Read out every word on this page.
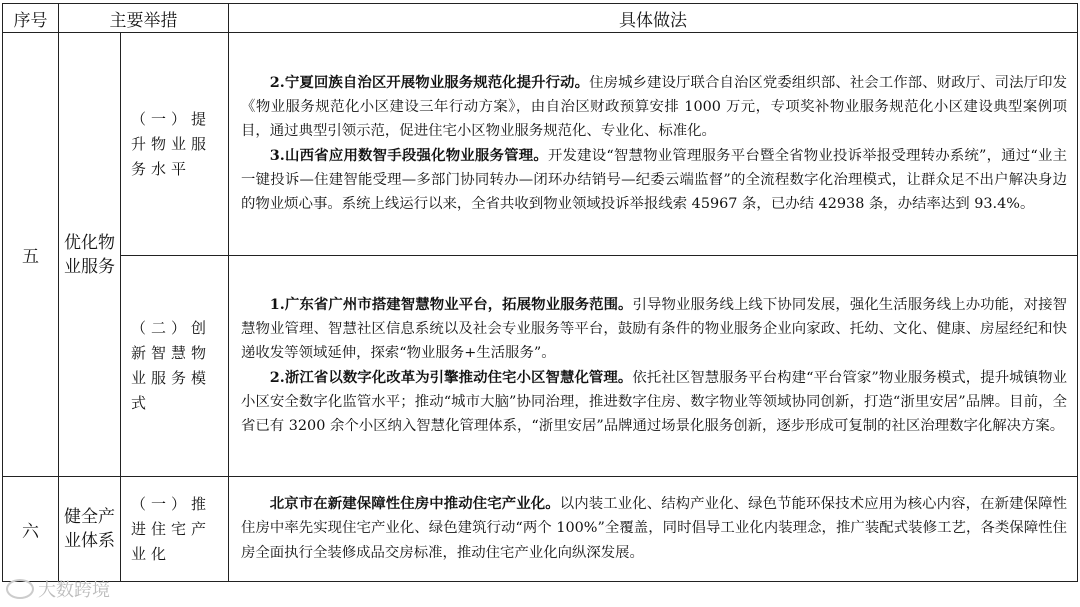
序号	主要举措		具体做法
五	优化物业服务	（一）提升物业服务水平	2.宁夏回族自治区开展物业服务规范化提升行动。住房城乡建设厅联合自治区党委组织部、社会工作部、财政厅、司法厅印发《物业服务规范化小区建设三年行动方案》，由自治区财政预算安排 1000 万元，专项奖补物业服务规范化小区建设典型案例项目，通过典型引领示范，促进住宅小区物业服务规范化、专业化、标准化。

3.山西省应用数智手段强化物业服务管理。开发建设“智慧物业管理服务平台暨全省物业投诉举报受理转办系统”，通过“业主一键投诉—住建智能受理—多部门协同转办—闭环办结销号—纪委云端监督”的全流程数字化治理模式，让群众足不出户解决身边的物业烦心事。系统上线运行以来，全省共收到物业领域投诉举报线索 45967 条，已办结 42938 条，办结率达到 93.4%。

		（二）创新智慧物业服务模式	1.广东省广州市搭建智慧物业平台，拓展物业服务范围。引导物业服务线上线下协同发展，强化生活服务线上办功能，对接智慧物业管理、智慧社区信息系统以及社会专业服务等平台，鼓励有条件的物业服务企业向家政、托幼、文化、健康、房屋经纪和快递收发等领域延伸，探索“物业服务+生活服务”。

2.浙江省以数字化改革为引擎推动住宅小区智慧化管理。依托社区智慧服务平台构建“平台管家”物业服务模式，提升城镇物业小区安全数字化监管水平；推动“城市大脑”协同治理，推进数字住房、数字物业等领域协同创新，打造“浙里安居”品牌。目前，全省已有 3200 余个小区纳入智慧化管理体系，“浙里安居”品牌通过场景化服务创新，逐步形成可复制的社区治理数字化解决方案。

六	健全产业体系	（一）推进住宅产业化	北京市在新建保障性住房中推动住宅产业化。以内装工业化、结构产业化、绿色节能环保技术应用为核心内容，在新建保障性住房中率先实现住宅产业化、绿色建筑行动“两个 100%”全覆盖，同时倡导工业化内装理念，推广装配式装修工艺，各类保障性住房全面执行全装修成品交房标准，推动住宅产业化向纵深发展。

大数跨境
